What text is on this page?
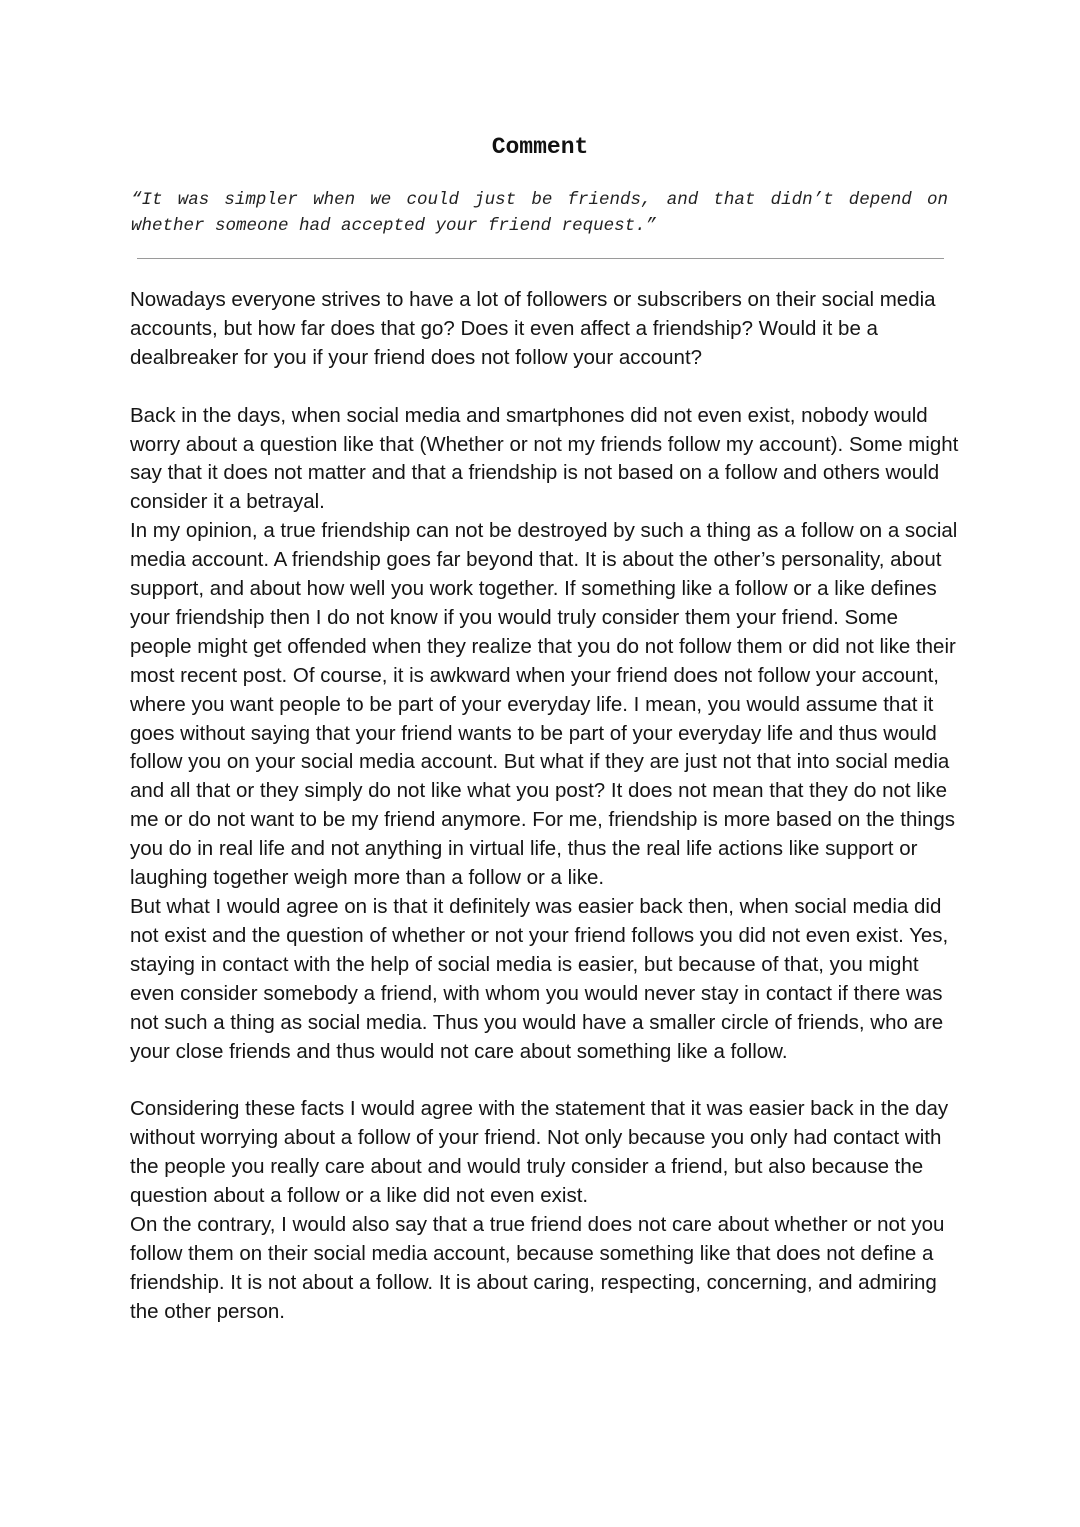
Comment

“It was simpler when we could just be friends, and that didn’t depend on whether someone had accepted your friend request.”

Nowadays everyone strives to have a lot of followers or subscribers on their social media accounts, but how far does that go? Does it even affect a friendship? Would it be a dealbreaker for you if your friend does not follow your account?

Back in the days, when social media and smartphones did not even exist, nobody would worry about a question like that (Whether or not my friends follow my account). Some might say that it does not matter and that a friendship is not based on a follow and others would consider it a betrayal.

In my opinion, a true friendship can not be destroyed by such a thing as a follow on a social media account. A friendship goes far beyond that. It is about the other’s personality, about support, and about how well you work together. If something like a follow or a like defines your friendship then I do not know if you would truly consider them your friend. Some people might get offended when they realize that you do not follow them or did not like their most recent post. Of course, it is awkward when your friend does not follow your account, where you want people to be part of your everyday life. I mean, you would assume that it goes without saying that your friend wants to be part of your everyday life and thus would follow you on your social media account. But what if they are just not that into social media and all that or they simply do not like what you post? It does not mean that they do not like me or do not want to be my friend anymore. For me, friendship is more based on the things you do in real life and not anything in virtual life, thus the real life actions like support or laughing together weigh more than a follow or a like.

But what I would agree on is that it definitely was easier back then, when social media did not exist and the question of whether or not your friend follows you did not even exist. Yes, staying in contact with the help of social media is easier, but because of that, you might even consider somebody a friend, with whom you would never stay in contact if there was not such a thing as social media. Thus you would have a smaller circle of friends, who are your close friends and thus would not care about something like a follow.

Considering these facts I would agree with the statement that it was easier back in the day without worrying about a follow of your friend. Not only because you only had contact with the people you really care about and would truly consider a friend, but also because the question about a follow or a like did not even exist.

On the contrary, I would also say that a true friend does not care about whether or not you follow them on their social media account, because something like that does not define a friendship. It is not about a follow. It is about caring, respecting, concerning, and admiring the other person.
